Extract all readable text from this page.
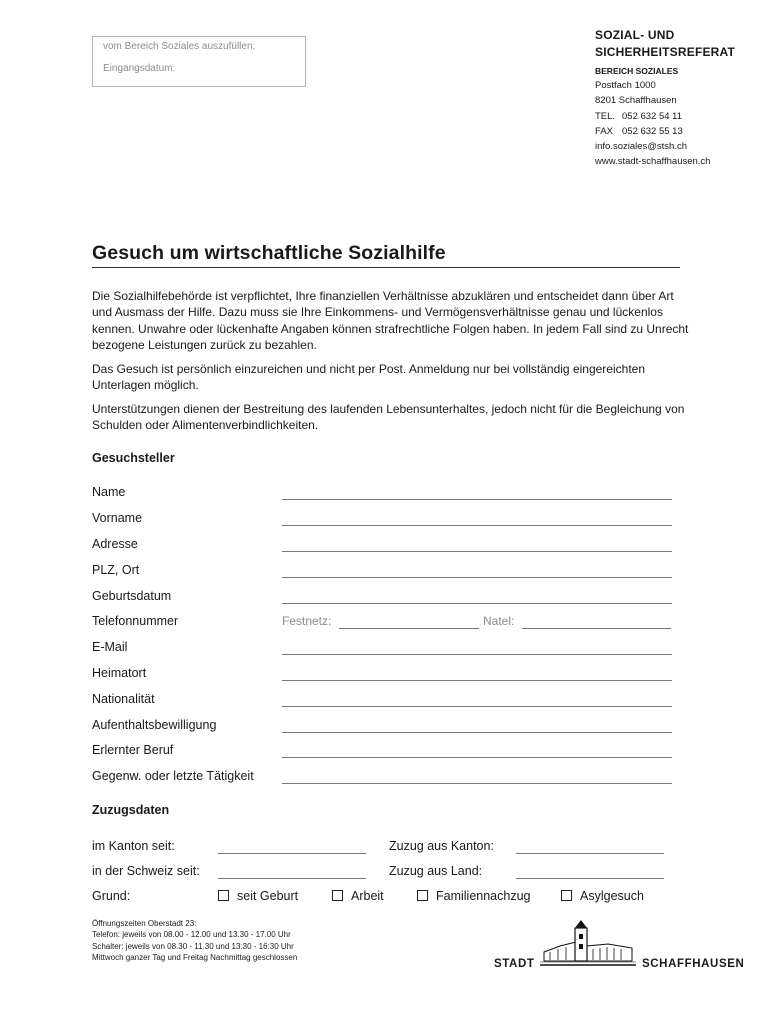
vom Bereich Soziales auszufüllen:
Eingangsdatum:
SOZIAL- UND
SICHERHEITSREFERAT
BEREICH SOZIALES
Postfach 1000
8201 Schaffhausen
TEL. 052 632 54 11
FAX 052 632 55 13
info.soziales@stsh.ch
www.stadt-schaffhausen.ch
Gesuch um wirtschaftliche Sozialhilfe
Die Sozialhilfebehörde ist verpflichtet, Ihre finanziellen Verhältnisse abzuklären und entscheidet dann über Art und Ausmass der Hilfe. Dazu muss sie Ihre Einkommens- und Vermögensverhältnisse genau und lückenlos kennen. Unwahre oder lückenhafte Angaben können strafrechtliche Folgen haben. In jedem Fall sind zu Unrecht bezogene Leistungen zurück zu bezahlen.
Das Gesuch ist persönlich einzureichen und nicht per Post. Anmeldung nur bei vollständig eingereichten Unterlagen möglich.
Unterstützungen dienen der Bestreitung des laufenden Lebensunterhaltes, jedoch nicht für die Begleichung von Schulden oder Alimentenverbindlichkeiten.
Gesuchsteller
Name
Vorname
Adresse
PLZ, Ort
Geburtsdatum
Telefonnummer	Festnetz:	Natel:
E-Mail
Heimatort
Nationalität
Aufenthaltsbewilligung
Erlernter Beruf
Gegenw. oder letzte Tätigkeit
Zuzugsdaten
im Kanton seit:	Zuzug aus Kanton:
in der Schweiz seit:	Zuzug aus Land:
Grund:	seit Geburt	Arbeit	Familiennachzug	Asylgesuch
Öffnungszeiten Oberstadt 23:
Telefon: jeweils von 08.00 - 12.00 und 13.30 - 17.00 Uhr
Schalter: jeweils von 08.30 - 11.30 und 13:30 - 16:30 Uhr
Mittwoch ganzer Tag und Freitag Nachmittag geschlossen
STADT	SCHAFFHAUSEN
